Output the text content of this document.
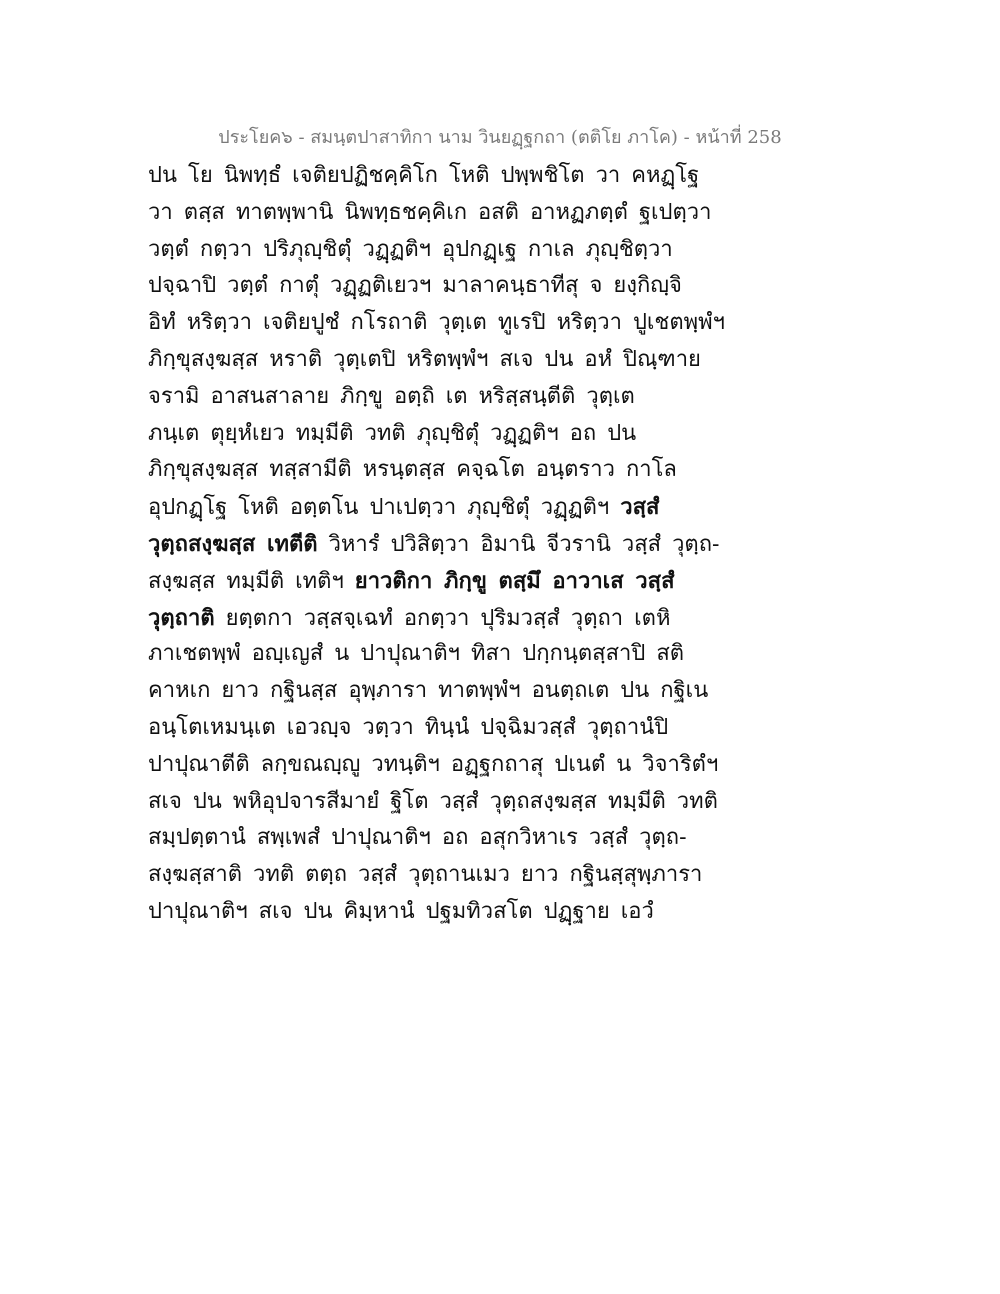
ประโยค๖ - สมนฺตปาสาทิกา นาม วินยฏฺฐกถา (ตติโย ภาโค) - หน้าที่ 258
ปน โย นิพทฺธํ เจติยปฏิชคฺคิโก โหติ ปพฺพชิโต วา คหฏฺโฐ
วา ตสฺส ทาตพฺพานิ นิพทฺธชคฺคิเก อสติ อาหฏภตฺตํ ฐเปตฺวา
วตฺตํ กตฺวา ปริภุญฺชิตุํ วฏฺฏติฯ อุปกฏฺเฐ กาเล ภุญฺชิตฺวา
ปจฺฉาปิ วตฺตํ กาตุํ วฏฺฏติเยวฯ มาลาคนฺธาทีสุ จ ยงฺกิญฺจิ
อิทํ หริตฺวา เจติยปูชํ กโรถาติ วุตฺเต ทูเรปิ หริตฺวา ปูเชตพฺพํฯ
ภิกฺขุสงฺฆสฺส หราติ วุตฺเตปิ หริตพฺพํฯ สเจ ปน อหํ ปิณฺฑาย
จรามิ อาสนสาลาย ภิกฺขู อตฺถิ เต หริสฺสนฺตีติ วุตฺเต
ภนฺเต ตุยฺหํเยว ทมฺมีติ วทติ ภุญฺชิตุํ วฏฺฏติฯ อถ ปน
ภิกฺขุสงฺฆสฺส ทสฺสามีติ หรนฺตสฺส คจฺฉโต อนฺตราว กาโล
อุปกฏฺโฐ โหติ อตฺตโน ปาเปตฺวา ภุญฺชิตุํ วฏฺฏติฯ วสฺสํ
วุตฺถสงฺฆสฺส เทตีติ วิหารํ ปวิสิตฺวา อิมานิ จีวรานิ วสฺสํ วุตฺถ-
สงฺฆสฺส ทมฺมีติ เทติฯ ยาวติกา ภิกฺขู ตสฺมึ อาวาเส วสฺสํ
วุตฺถาติ ยตฺตกา วสฺสจฺเฉทํ อกตฺวา ปุริมวสฺสํ วุตฺถา เตหิ
ภาเชตพฺพํ อญฺเญสํ น ปาปุณาติฯ ทิสา ปกฺกนฺตสฺสาปิ สติ
คาหเก ยาว กฐินสฺส อุพฺภารา ทาตพฺพํฯ อนตฺถเต ปน กฐิเน
อนฺโตเหมนฺเต เอวญฺจ วตฺวา ทินฺนํ ปจฺฉิมวสฺสํ วุตฺถานํปิ
ปาปุณาตีติ ลกฺขณญฺญู วทนฺติฯ อฏฺฐกถาสุ ปเนตํ น วิจาริตํฯ
สเจ ปน พหิอุปจารสีมายํ ฐิโต วสฺสํ วุตฺถสงฺฆสฺส ทมฺมีติ วทติ
สมฺปตฺตานํ สพฺเพสํ ปาปุณาติฯ อถ อสุกวิหาเร วสฺสํ วุตฺถ-
สงฺฆสฺสาติ วทติ ตตฺถ วสฺสํ วุตฺถานเมว ยาว กฐินสฺสุพฺภารา
ปาปุณาติฯ สเจ ปน คิมฺหานํ ปฐมทิวสโต ปฏฺฐาย เอวํ
